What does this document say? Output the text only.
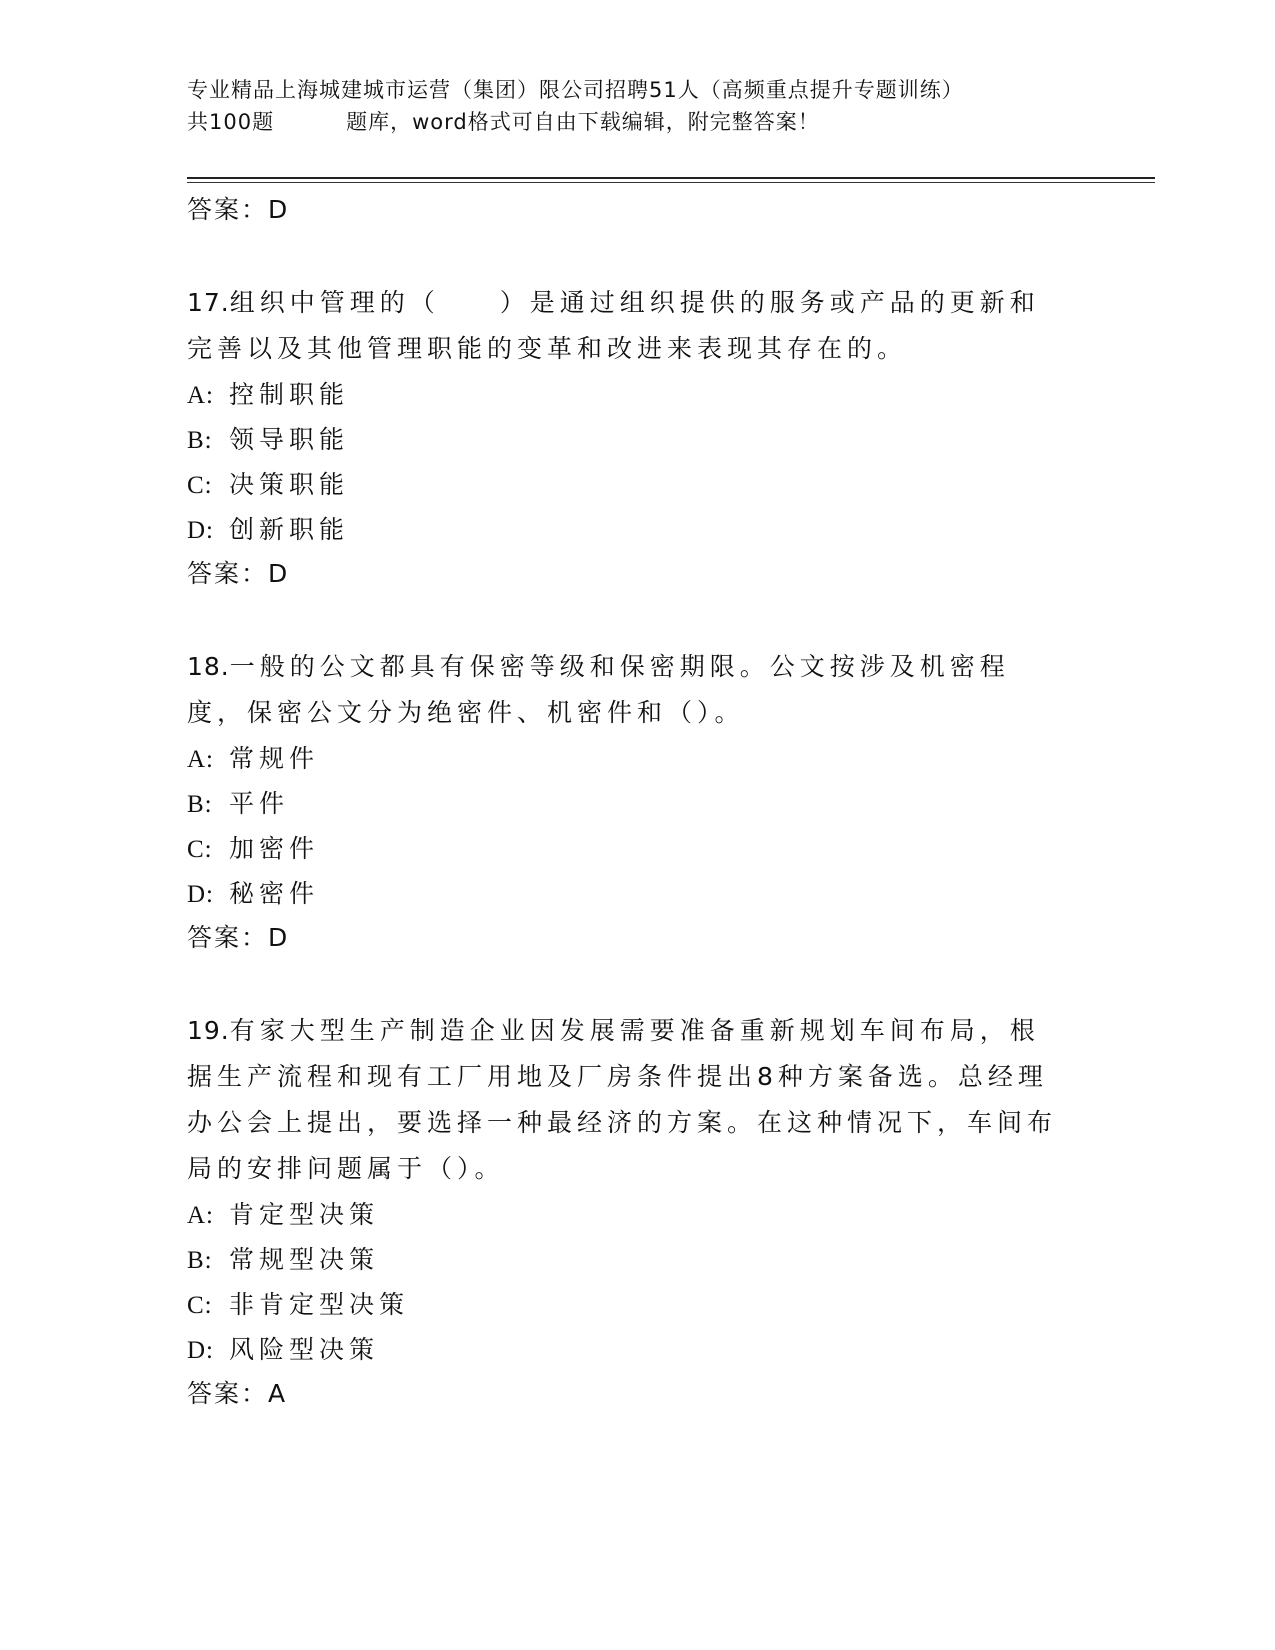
专业精品上海城建城市运营（集团）限公司招聘51人（高频重点提升专题训练）
共100题	题库，word格式可自由下载编辑，附完整答案！
答案：D
17.组织中管理的（　　）是通过组织提供的服务或产品的更新和完善以及其他管理职能的变革和改进来表现其存在的。
A: 控制职能
B: 领导职能
C: 决策职能
D: 创新职能
答案：D
18.一般的公文都具有保密等级和保密期限。公文按涉及机密程度，保密公文分为绝密件、机密件和（）。
A: 常规件
B: 平件
C: 加密件
D: 秘密件
答案：D
19.有家大型生产制造企业因发展需要准备重新规划车间布局，根据生产流程和现有工厂用地及厂房条件提出8种方案备选。总经理办公会上提出，要选择一种最经济的方案。在这种情况下，车间布局的安排问题属于（）。
A: 肯定型决策
B: 常规型决策
C: 非肯定型决策
D: 风险型决策
答案：A
